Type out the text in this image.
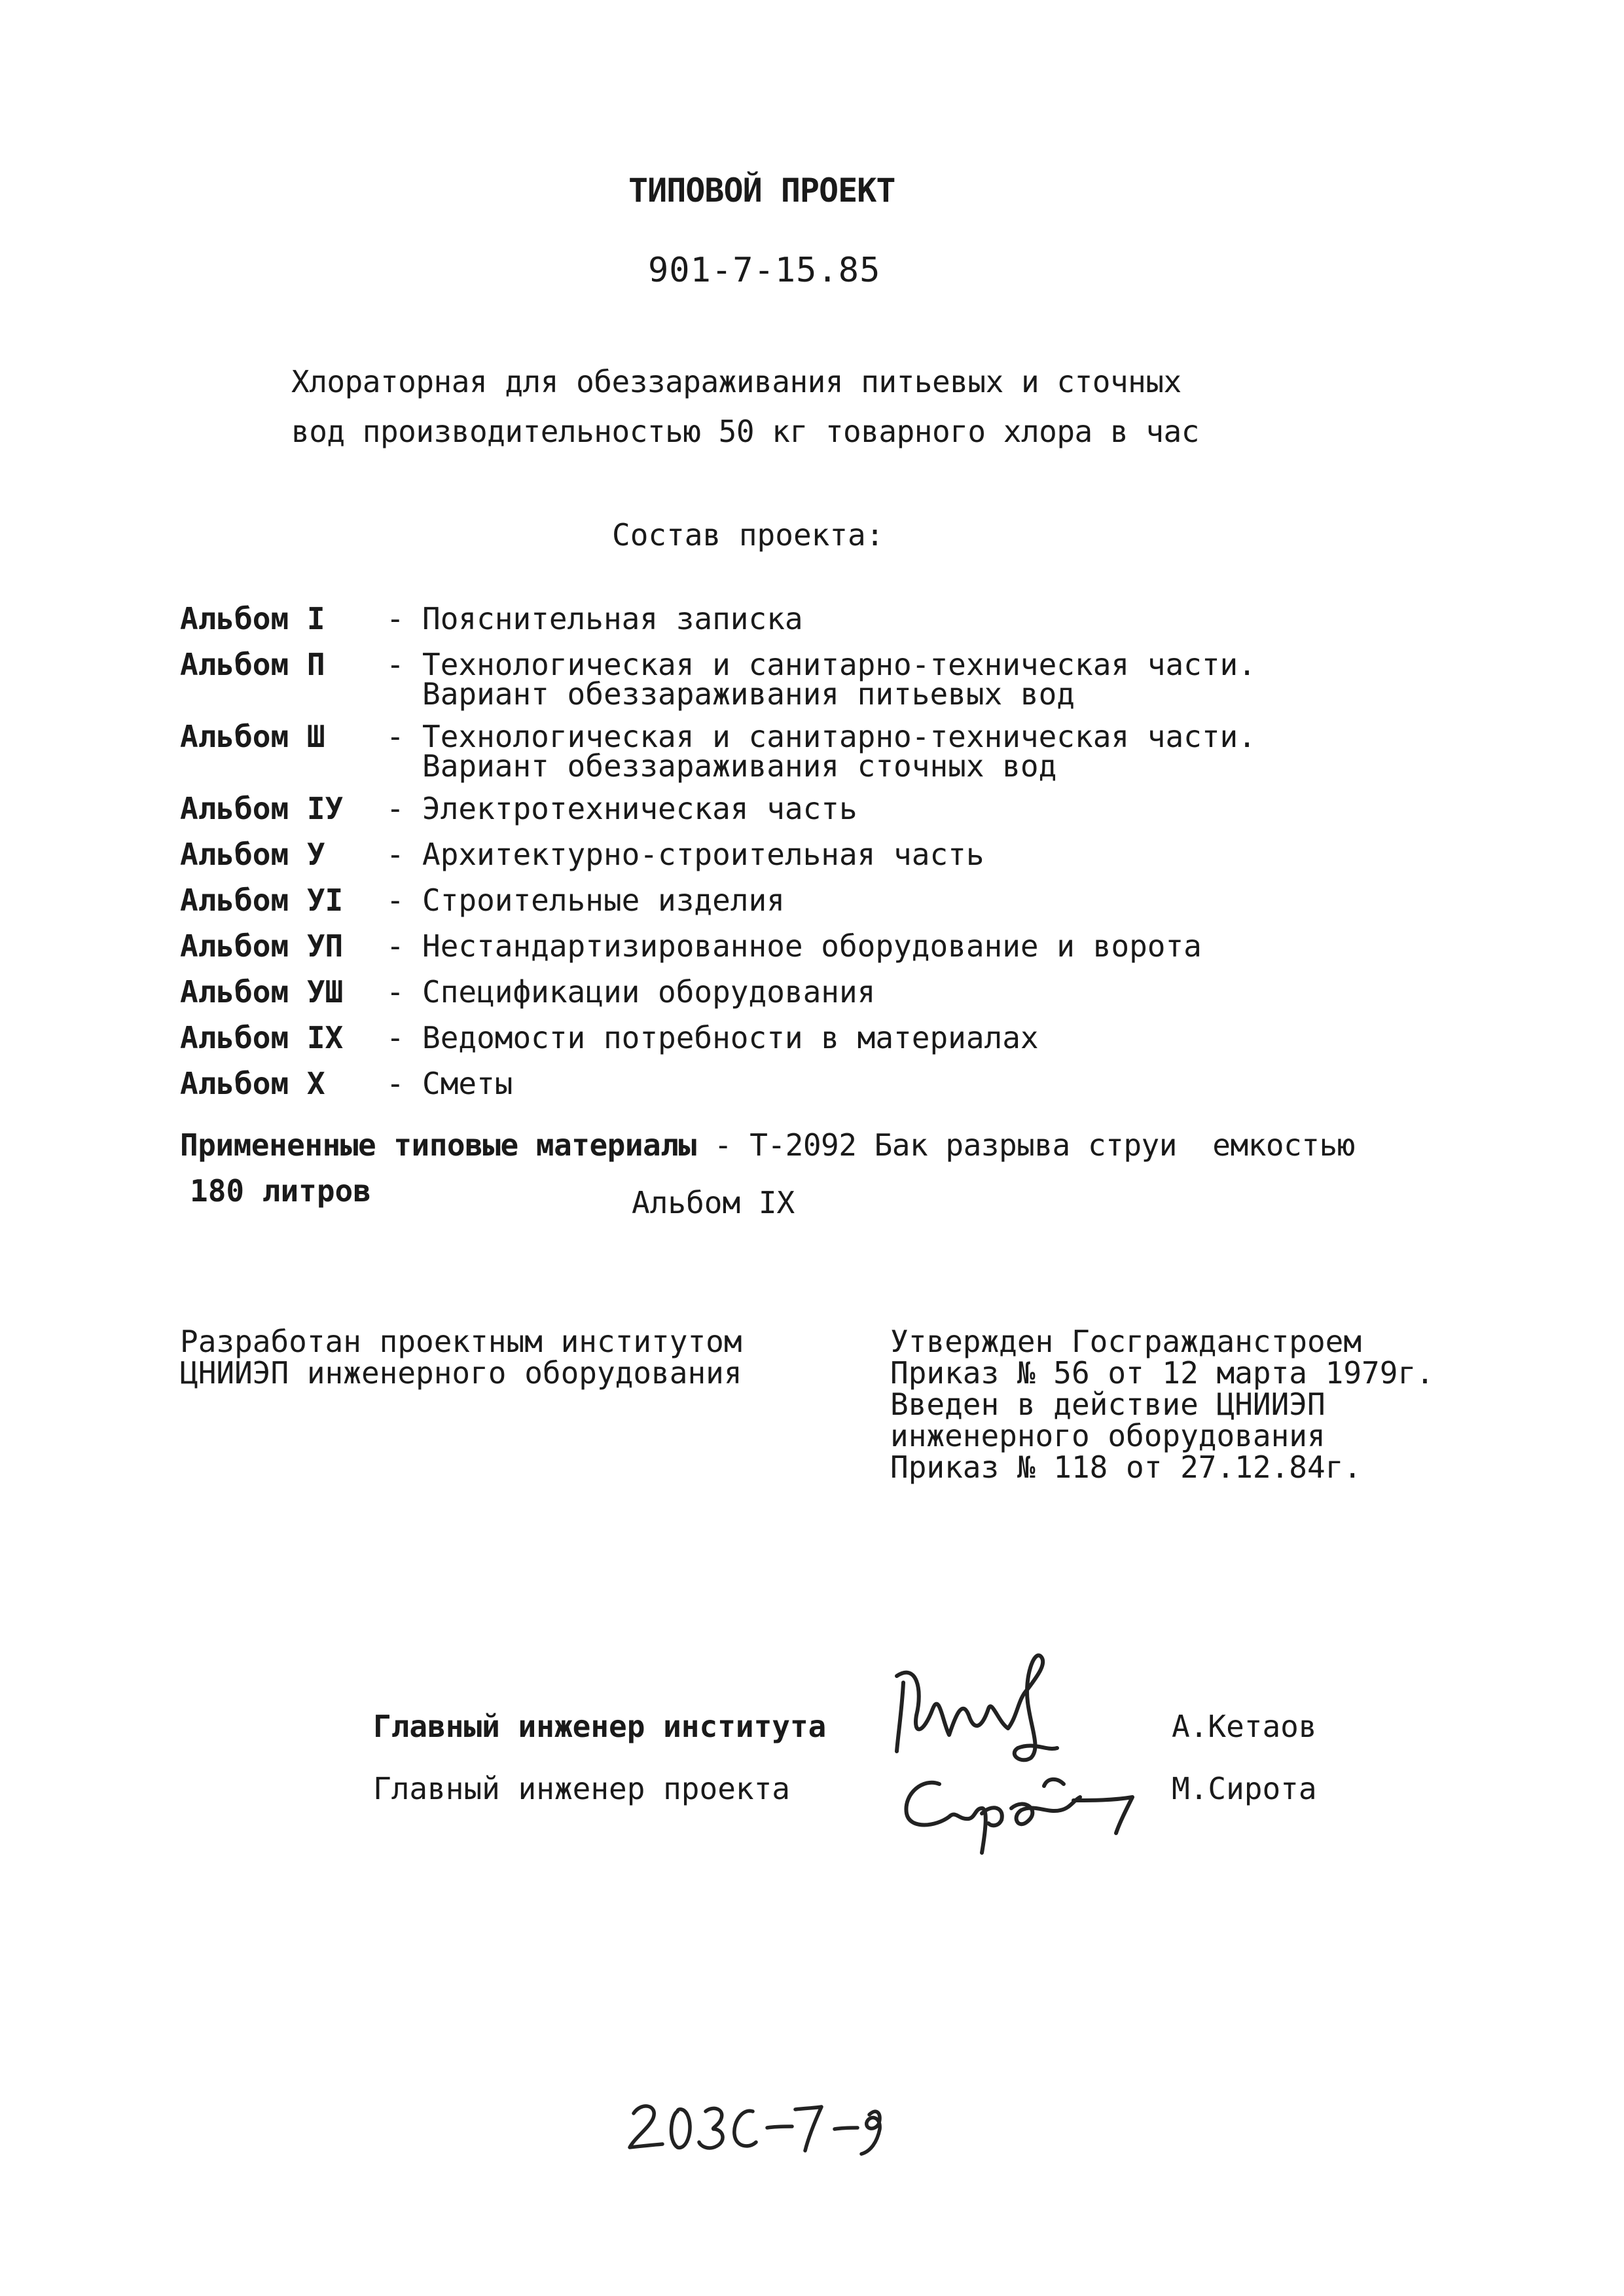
ТИПОВОЙ ПРОЕКТ
901-7-15.85
Хлораторная для обеззараживания питьевых и сточных
вод производительностью 50 кг товарного хлора в час
Состав проекта:
Альбом I	- Пояснительная записка
Альбом П	- Технологическая и санитарно-техническая части.
Вариант обеззараживания питьевых вод
Альбом Ш	- Технологическая и санитарно-техническая части.
Вариант обеззараживания сточных вод
Альбом IУ	- Электротехническая часть
Альбом У	- Архитектурно-строительная часть
Альбом УI	- Строительные изделия
Альбом УП	- Нестандартизированное оборудование и ворота
Альбом УШ	- Спецификации оборудования
Альбом IX	- Ведомости потребности в материалах
Альбом X	- Сметы
Примененные типовые материалы - Т-2092 Бак разрыва струи  емкостью
180 литров	Альбом IX
Разработан проектным институтом
ЦНИИЭП инженерного оборудования
Утвержден Госгражданстроем
Приказ № 56 от 12 марта 1979г.
Введен в действие ЦНИИЭП
инженерного оборудования
Приказ № 118 от 27.12.84г.
Главный инженер института	А.Кетаов
Главный инженер проекта	М.Сирота
